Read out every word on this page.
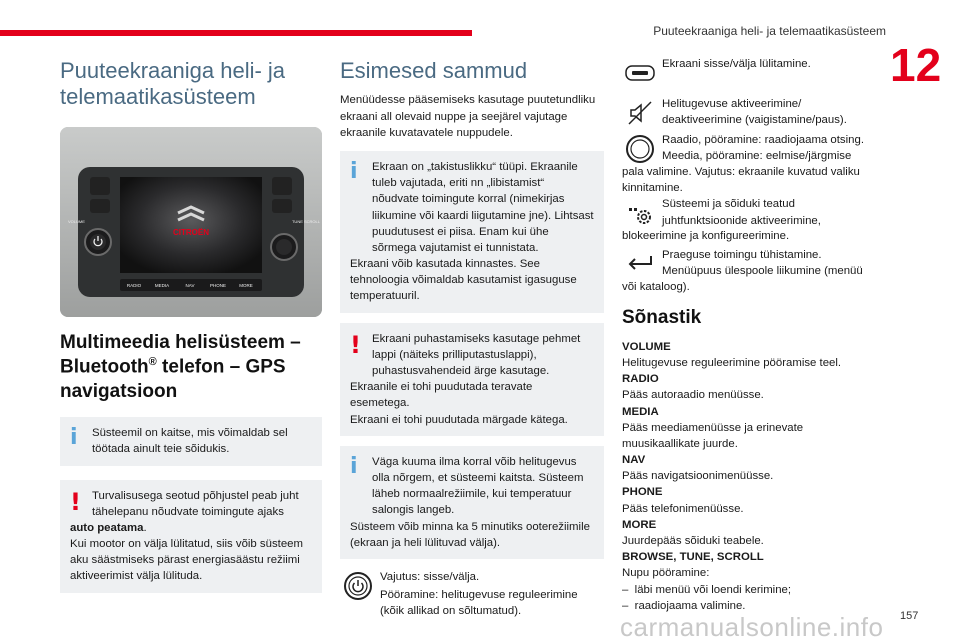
Puuteekraaniga heli- ja telemaatikasüsteem
12
Puuteekraaniga heli- ja telemaatikasüsteem
CITROËN
VOLUME	TUNE SCROLL
RADIO	MEDIA	NAV	PHONE	MORE
Multimeedia helisüsteem – Bluetooth® telefon – GPS navigatsioon
i	Süsteemil on kaitse, mis võimaldab sel töötada ainult teie sõidukis.

! Turvalisusega seotud põhjustel peab juht tähelepanu nõudvate toimingute ajaks

auto peatama.

Kui mootor on välja lülitatud, siis võib süsteem aku säästmiseks pärast energiasäästu režiimi aktiveerimist välja lülituda.

Esimesed sammud

Menüüdesse pääsemiseks kasutage puutetundliku ekraani all olevaid nuppe ja seejärel vajutage ekraanile kuvatavatele nuppudele.

i	Ekraan on „takistuslikku“ tüüpi. Ekraanile tuleb vajutada, eriti nn „libistamist“ nõudvate toimingute korral (nimekirjas liikumine või kaardi liigutamine jne). Lihtsast puudutusest ei piisa. Enam kui ühe sõrmega vajutamist ei tunnistata.

Ekraani võib kasutada kinnastes. See tehnoloogia võimaldab kasutamist igasuguse temperatuuril.

! Ekraani puhastamiseks kasutage pehmet lappi (näiteks prilliputastuslappi), puhastusvahendeid ärge kasutage.

Ekraanile ei tohi puudutada teravate esemetega.

Ekraani ei tohi puudutada märgade kätega.

i	Väga kuuma ilma korral võib helitugevus olla nõrgem, et süsteemi kaitsta. Süsteem läheb normaalrežiimile, kui temperatuur salongis langeb.

Süsteem võib minna ka 5 minutiks ooterežiimile (ekraan ja heli lülituvad välja).

Vajutus: sisse/välja.

Pööramine: helitugevuse reguleerimine (kõik allikad on sõltumatud).

Ekraani sisse/välja lülitamine.

Helitugevuse aktiveerimine/ deaktiveerimine (vaigistamine/paus).

Raadio, pööramine: raadiojaama otsing. Meedia, pööramine: eelmise/järgmise

pala valimine. Vajutus: ekraanile kuvatud valiku kinnitamine.

Süsteemi ja sõiduki teatud juhtfunktsioonide aktiveerimine,

blokeerimine ja konfigureerimine.

Praeguse toimingu tühistamine. Menüüpuus ülespoole liikumine (menüü

või kataloog).

Sõnastik
VOLUME
Helitugevuse reguleerimine pööramise teel.
RADIO
Pääs autoraadio menüüsse.
MEDIA
Pääs meediamenüüsse ja erinevate muusikaallikate juurde.
NAV
Pääs navigatsioonimenüüsse.
PHONE
Pääs telefonimenüüsse.
MORE
Juurdepääs sõiduki teabele.
BROWSE, TUNE, SCROLL
Nupu pööramine:
–  läbi menüü või loendi kerimine;
–  raadiojaama valimine.
carmanualsonline.info 157
